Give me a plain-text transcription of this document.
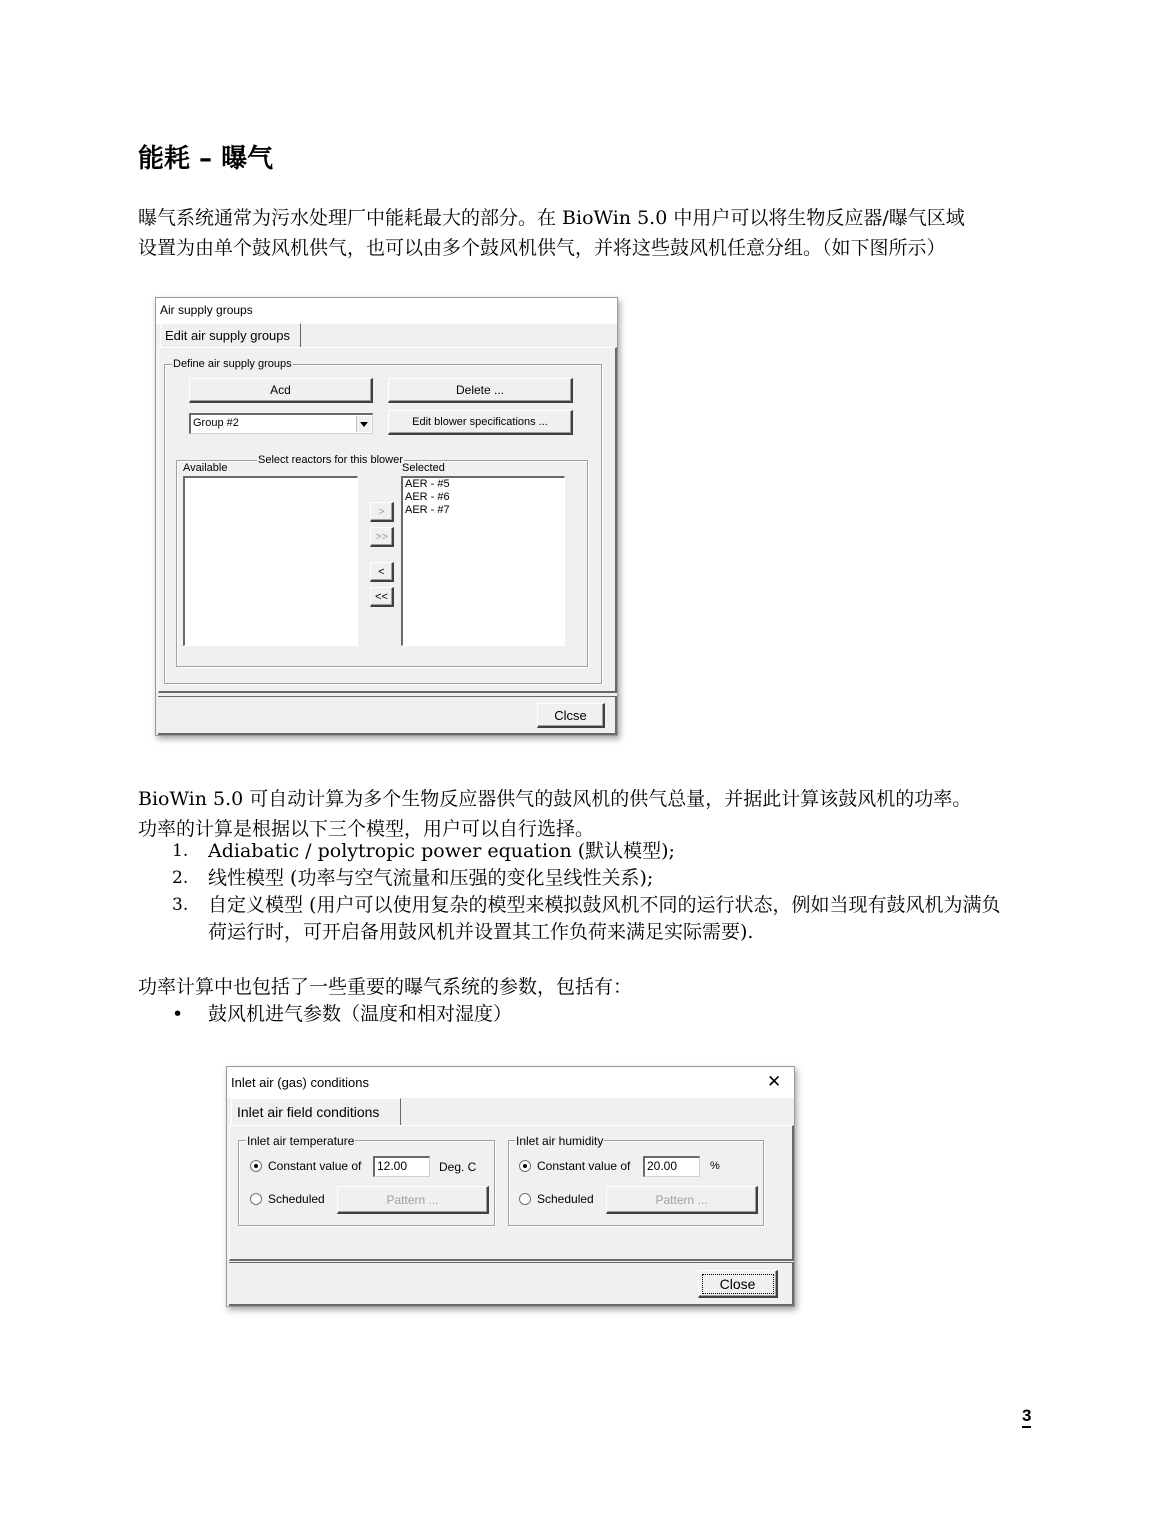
能耗 – 曝气
曝气系统通常为污水处理厂中能耗最大的部分。在 BioWin 5.0 中用户可以将生物反应器/曝气区域
设置为由单个鼓风机供气，也可以由多个鼓风机供气，并将这些鼓风机任意分组。（如下图所示）
Air supply groups
Edit air supply groups
Define air supply groups
Acd	Delete ...
Group #2	Edit blower specifications ...
Select reactors for this blower
Available	Selected
AER - #5
AER - #6
AER - #7
>
>>
<
<<
Clcse
BioWin 5.0 可自动计算为多个生物反应器供气的鼓风机的供气总量，并据此计算该鼓风机的功率。
功率的计算是根据以下三个模型，用户可以自行选择。
1.	Adiabatic / polytropic power equation (默认模型);
2.	线性模型 (功率与空气流量和压强的变化呈线性关系);
3.	自定义模型 (用户可以使用复杂的模型来模拟鼓风机不同的运行状态，例如当现有鼓风机为满负荷运行时，可开启备用鼓风机并设置其工作负荷来满足实际需要).
功率计算中也包括了一些重要的曝气系统的参数，包括有：
•	鼓风机进气参数（温度和相对湿度）
Inlet air (gas) conditions	✕
Inlet air field conditions
Inlet air temperature
Constant value of	12.00	Deg. C
Scheduled	Pattern ...
Inlet air humidity
Constant value of	20.00	%
Scheduled	Pattern ...
Close
3
